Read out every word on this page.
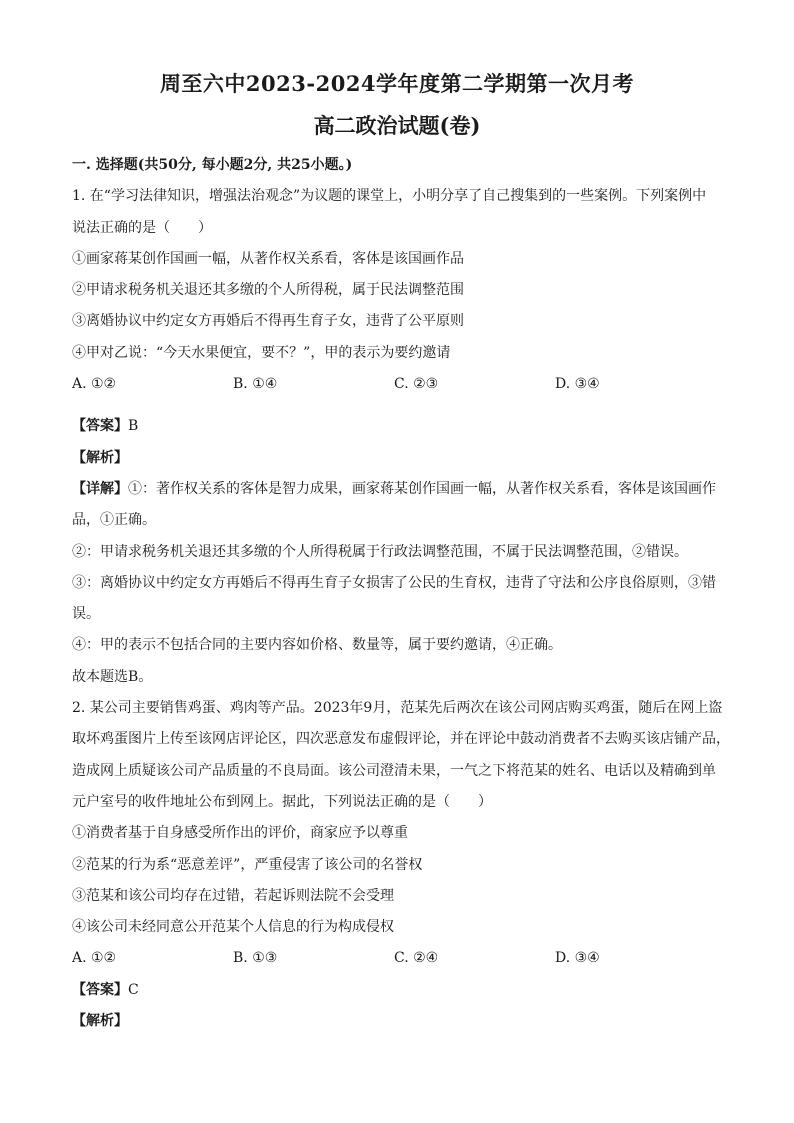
周至六中2023-2024学年度第二学期第一次月考
高二政治试题(卷)
一. 选择题(共50分, 每小题2分, 共25小题。)
1. 在“学习法律知识，增强法治观念”为议题的课堂上，小明分享了自己搜集到的一些案例。下列案例中
说法正确的是（　　）
①画家蒋某创作国画一幅，从著作权关系看，客体是该国画作品
②甲请求税务机关退还其多缴的个人所得税，属于民法调整范围
③离婚协议中约定女方再婚后不得再生育子女，违背了公平原则
④甲对乙说：“今天水果便宜，要不？”，甲的表示为要约邀请
A. ①②	B. ①④	C. ②③	D. ③④
【答案】B
【解析】
【详解】①：著作权关系的客体是智力成果，画家蒋某创作国画一幅，从著作权关系看，客体是该国画作
品，①正确。
②：甲请求税务机关退还其多缴的个人所得税属于行政法调整范围，不属于民法调整范围，②错误。
③：离婚协议中约定女方再婚后不得再生育子女损害了公民的生育权，违背了守法和公序良俗原则，③错
误。
④：甲的表示不包括合同的主要内容如价格、数量等，属于要约邀请，④正确。
故本题选B。
2. 某公司主要销售鸡蛋、鸡肉等产品。2023年9月，范某先后两次在该公司网店购买鸡蛋，随后在网上盗
取坏鸡蛋图片上传至该网店评论区，四次恶意发布虚假评论，并在评论中鼓动消费者不去购买该店铺产品，
造成网上质疑该公司产品质量的不良局面。该公司澄清未果，一气之下将范某的姓名、电话以及精确到单
元户室号的收件地址公布到网上。据此，下列说法正确的是（　　）
①消费者基于自身感受所作出的评价，商家应予以尊重
②范某的行为系“恶意差评”，严重侵害了该公司的名誉权
③范某和该公司均存在过错，若起诉则法院不会受理
④该公司未经同意公开范某个人信息的行为构成侵权
A. ①②	B. ①③	C. ②④	D. ③④
【答案】C
【解析】
